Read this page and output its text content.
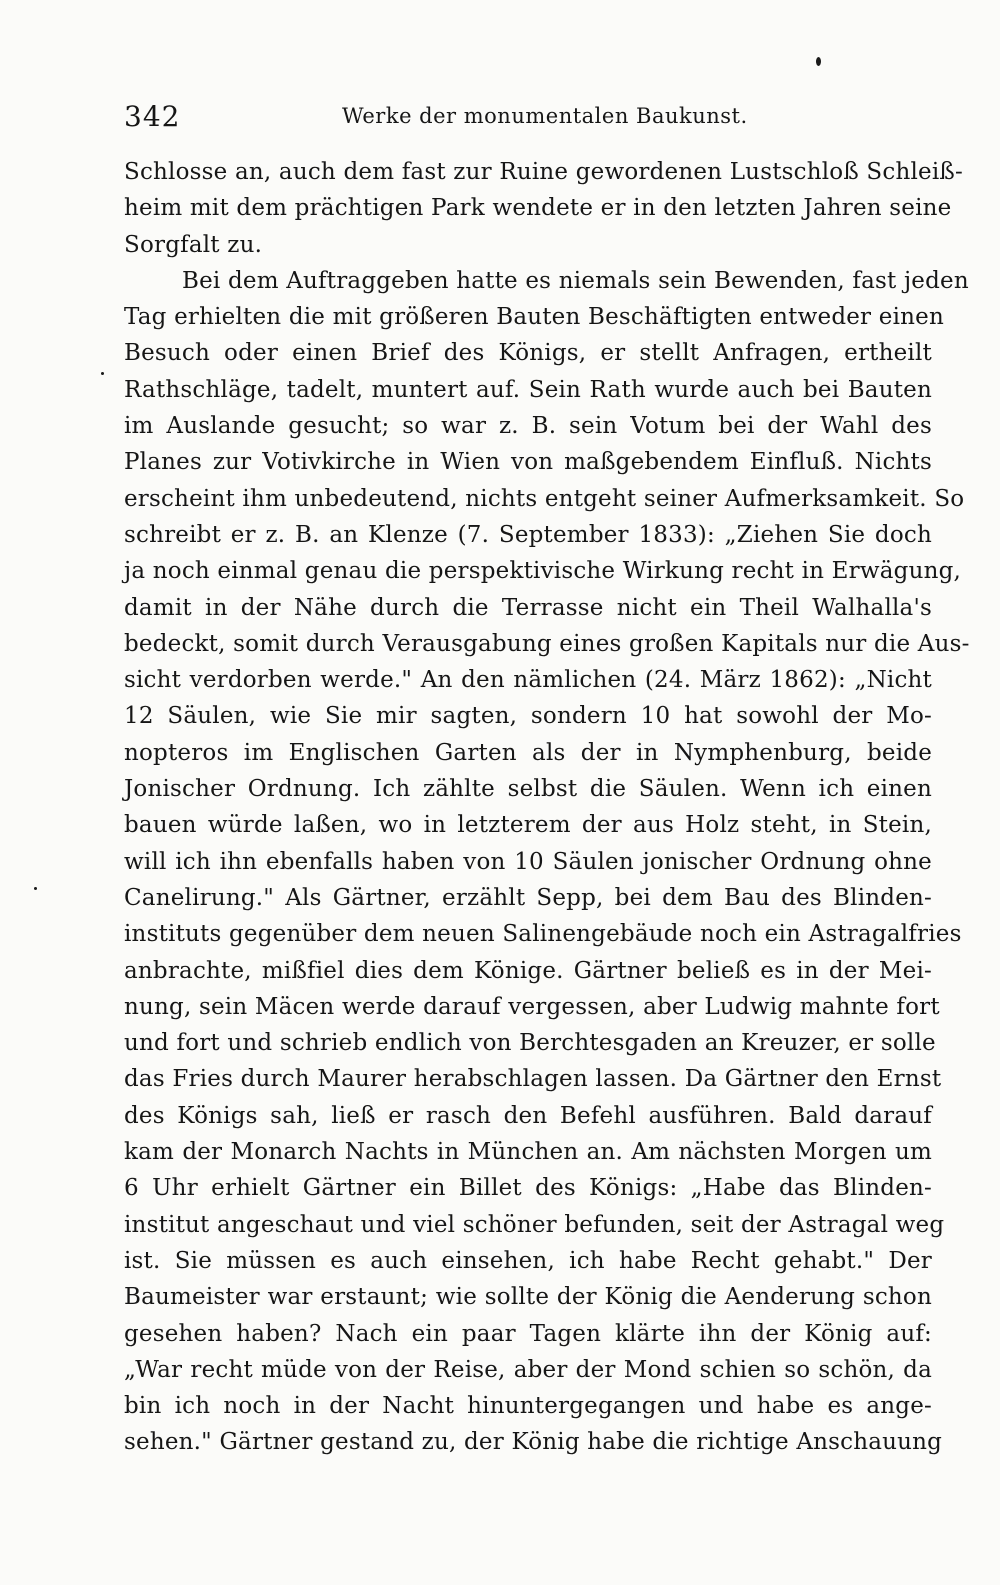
342	Werke der monumentalen Baukunst.
Schlosse an, auch dem fast zur Ruine gewordenen Lustschloß Schleiß-
heim mit dem prächtigen Park wendete er in den letzten Jahren seine
Sorgfalt zu.
Bei dem Auftraggeben hatte es niemals sein Bewenden, fast jeden
Tag erhielten die mit größeren Bauten Beschäftigten entweder einen
Besuch oder einen Brief des Königs, er stellt Anfragen, ertheilt
Rathschläge, tadelt, muntert auf. Sein Rath wurde auch bei Bauten
im Auslande gesucht; so war z. B. sein Votum bei der Wahl des
Planes zur Votivkirche in Wien von maßgebendem Einfluß. Nichts
erscheint ihm unbedeutend, nichts entgeht seiner Aufmerksamkeit. So
schreibt er z. B. an Klenze (7. September 1833): „Ziehen Sie doch
ja noch einmal genau die perspektivische Wirkung recht in Erwägung,
damit in der Nähe durch die Terrasse nicht ein Theil Walhalla's
bedeckt, somit durch Verausgabung eines großen Kapitals nur die Aus-
sicht verdorben werde." An den nämlichen (24. März 1862): „Nicht
12 Säulen, wie Sie mir sagten, sondern 10 hat sowohl der Mo-
nopteros im Englischen Garten als der in Nymphenburg, beide
Jonischer Ordnung. Ich zählte selbst die Säulen. Wenn ich einen
bauen würde laßen, wo in letzterem der aus Holz steht, in Stein,
will ich ihn ebenfalls haben von 10 Säulen jonischer Ordnung ohne
Canelirung." Als Gärtner, erzählt Sepp, bei dem Bau des Blinden-
instituts gegenüber dem neuen Salinengebäude noch ein Astragalfries
anbrachte, mißfiel dies dem Könige. Gärtner beließ es in der Mei-
nung, sein Mäcen werde darauf vergessen, aber Ludwig mahnte fort
und fort und schrieb endlich von Berchtesgaden an Kreuzer, er solle
das Fries durch Maurer herabschlagen lassen. Da Gärtner den Ernst
des Königs sah, ließ er rasch den Befehl ausführen. Bald darauf
kam der Monarch Nachts in München an. Am nächsten Morgen um
6 Uhr erhielt Gärtner ein Billet des Königs: „Habe das Blinden-
institut angeschaut und viel schöner befunden, seit der Astragal weg
ist. Sie müssen es auch einsehen, ich habe Recht gehabt." Der
Baumeister war erstaunt; wie sollte der König die Aenderung schon
gesehen haben? Nach ein paar Tagen klärte ihn der König auf:
„War recht müde von der Reise, aber der Mond schien so schön, da
bin ich noch in der Nacht hinuntergegangen und habe es ange-
sehen." Gärtner gestand zu, der König habe die richtige Anschauung
